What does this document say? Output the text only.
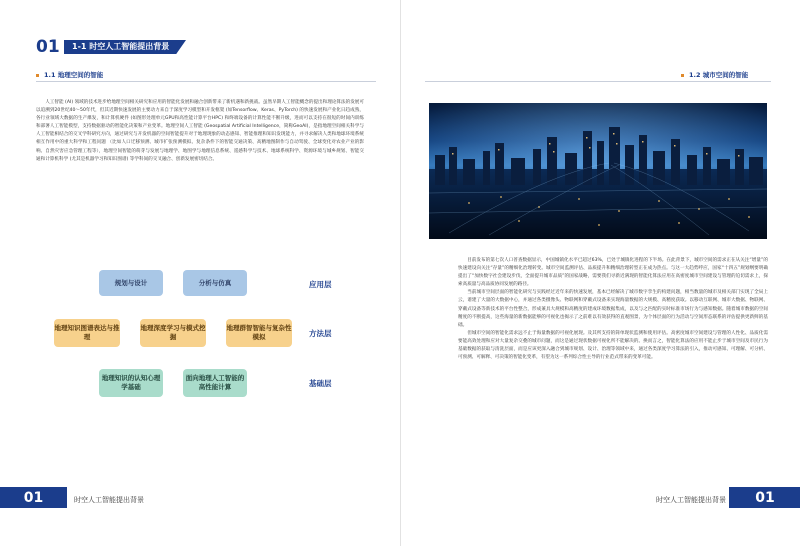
01 1-1 时空人工智能提出背景
1.1 地理空间的智能

人工智能 (AI) 领域的技术进步给地理空间相关研究和应用的智能化发展和融合创新带来了新机遇和新挑战。虽然早期人工智能概念的提出和理论算法的发展可以追溯到20世纪40～50年代，但其近期快速发展的主要动力来自于深度学习模型和开发框架 (如Tensorflow、Keras、PyTorch) 的快速发展和产业化日趋成熟，各行业领域大数据的生产爆发，和计算机硬件 (如图形处理单元GPU和高性能计算平台HPC) 和终端设备的计算性能不断升级，进而可以支持在很短的时间内训练和部署人工智能模型，支持数据驱动的智能化决策和产业变革。地理空间人工智能 (Geospatial Artificial Intelligence，简称GeoAI)，是指地理空间相关科学与人工智能相结合的交叉学科研究方向，通过研究与开发机器的空间智能提升对于地理现象的动态感知、智能推理和知识发现能力，并寻求解决人类和地球环境系统相互作用中的重大科学和工程问题 （比如人口迁移预测、城市扩张预测模拟、复杂条件下的智能交通决策、高精地图制作与自动驾驶、全球变化对农业产业的影响、自然灾害应急管理工程等），地理空间智能的萌芽与发展与地理学、地图学与地理信息系统、遥感科学与技术、地球系统科学、资源环境与城乡规划、智能交通和计算机科学 (尤其是机器学习和知识图谱) 等学科间的交叉融合、创新发展密切结合。

规划与设计	分析与仿真	应用层
地理知识图谱表达与推理
地理深度学习与模式挖掘
地理群智智能与复杂性模拟	方法层
地理知识的认知心理学基础
面向地理人工智能的高性能计算	基础层
01	时空人工智能提出背景
1.2 城市空间的智能

目前发布的第七次人口普查数据显示，中国城镇化水平已超过63%，已处于城镇化进程的下半场。在此背景下，城市空间的需求正在从关注“增量”的快速建设向关注“存量”的精细化治理转变。城市空间监测评估、品质提升和精细治理转型正在成为热点。与这一大趋势呼应，国家“十四五”规划纲要明确提出了“加快数字社会建设步伐，全面提升城市品质”的国家战略，需要我们寻新近满现的智能化算法应用在高密度城市空间建设与管理的迫切需求上，探索高质量与高品质协同发展的路径。

当前城市空间层面的智能化研究与实践经过近年来的快速发展，基本已经解决了城市数字孪生的构建问题，相当数量的城市及相关部门实现了全局上云，谱建了大量的大数据中心，并通过各类摄像头、物联网和穿戴式设备来实现海量数据的大规模、高精度获取。以移动互联网、城市大数据、物联网、穿戴式设备等新技术的平台性整合，形成兼具大规模和高精度的建成环境数据集成，以及与之匹配的实时标准市场行为与感知数据。随着城市数据的空间精度的不断提高，这些海量的新数据能够的可视化也揭示了之前难以有效获得的直观图景，为个体层面的行为活动与空间形态联系的评估提供更新鲜的基础。

但城市空间的智能化需求远不止于海量数据的可视化展现。及其所支持的简单现状监测和使用评估。高密度城市空间建设与管理的人性化、品质化需要能高效处理和应对大量复杂交叠的城市问题，而这是通过现状数据可视化所不能解决的。换而言之，智能化算法的应用不能止步于城市空间及市民行为基础数据的获取与清洗层面，而是应该更深入融合到城市规划、设计、治理等领域中来，通过各类深度学习算法的引入，推动可感知、可理解、可分析、可预测、可解释、可决策的智能化变革，有望为这一系列综合性主导的行业范式带来的变革可能。

时空人工智能提出背景 01
